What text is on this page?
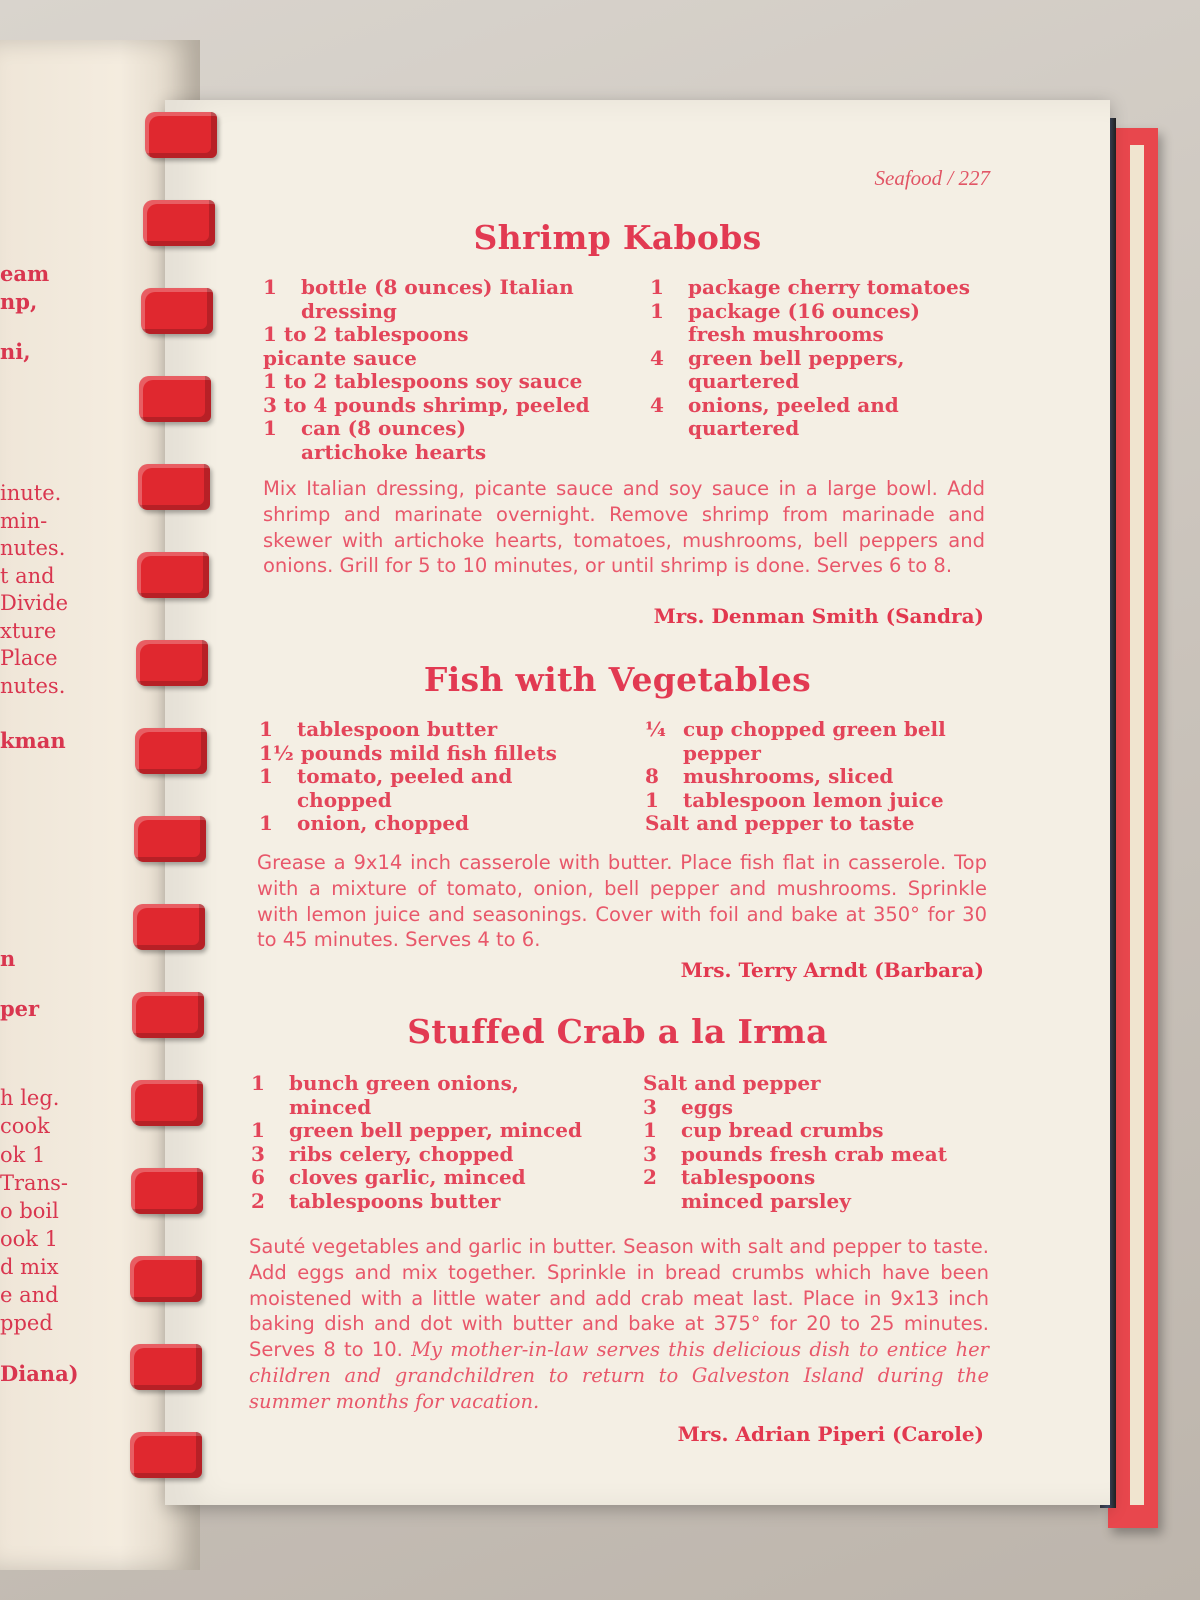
eam

np,

ni,

inute.

min-

nutes.

t and

Divide

xture

Place

nutes.

kman

n

per

h leg.

cook

ok 1

Trans-

o boil

ook 1

d mix

e and

pped

Diana)

Seafood / 227
Shrimp Kabobs
1	bottle (8 ounces) Italian dressing
1 to 2 tablespoons picante sauce
1 to 2 tablespoons soy sauce
3 to 4 pounds shrimp, peeled
1	can (8 ounces) artichoke hearts
1	package cherry tomatoes
1	package (16 ounces) fresh mushrooms
4	green bell peppers, quartered
4	onions, peeled and quartered

Mix Italian dressing, picante sauce and soy sauce in a large bowl. Add shrimp and marinate overnight. Remove shrimp from marinade and skewer with artichoke hearts, tomatoes, mushrooms, bell peppers and onions. Grill for 5 to 10 minutes, or until shrimp is done. Serves 6 to 8.

Mrs. Denman Smith (Sandra)

Fish with Vegetables
1	tablespoon butter
1½ pounds mild fish fillets
1	tomato, peeled and chopped
1	onion, chopped
¼ cup chopped green bell pepper
8	mushrooms, sliced
1	tablespoon lemon juice
Salt and pepper to taste

Grease a 9x14 inch casserole with butter. Place fish flat in casserole. Top with a mixture of tomato, onion, bell pepper and mushrooms. Sprinkle with lemon juice and seasonings. Cover with foil and bake at 350° for 30 to 45 minutes. Serves 4 to 6.

Mrs. Terry Arndt (Barbara)

Stuffed Crab a la Irma
1	bunch green onions, minced
1	green bell pepper, minced
3	ribs celery, chopped
6	cloves garlic, minced
2	tablespoons butter
Salt and pepper
3	eggs
1	cup bread crumbs
3	pounds fresh crab meat
2	tablespoons minced parsley

Sauté vegetables and garlic in butter. Season with salt and pepper to taste. Add eggs and mix together. Sprinkle in bread crumbs which have been moistened with a little water and add crab meat last. Place in 9x13 inch baking dish and dot with butter and bake at 375° for 20 to 25 minutes. Serves 8 to 10. My mother-in-law serves this delicious dish to entice her children and grandchildren to return to Galveston Island during the summer months for vacation.

Mrs. Adrian Piperi (Carole)
